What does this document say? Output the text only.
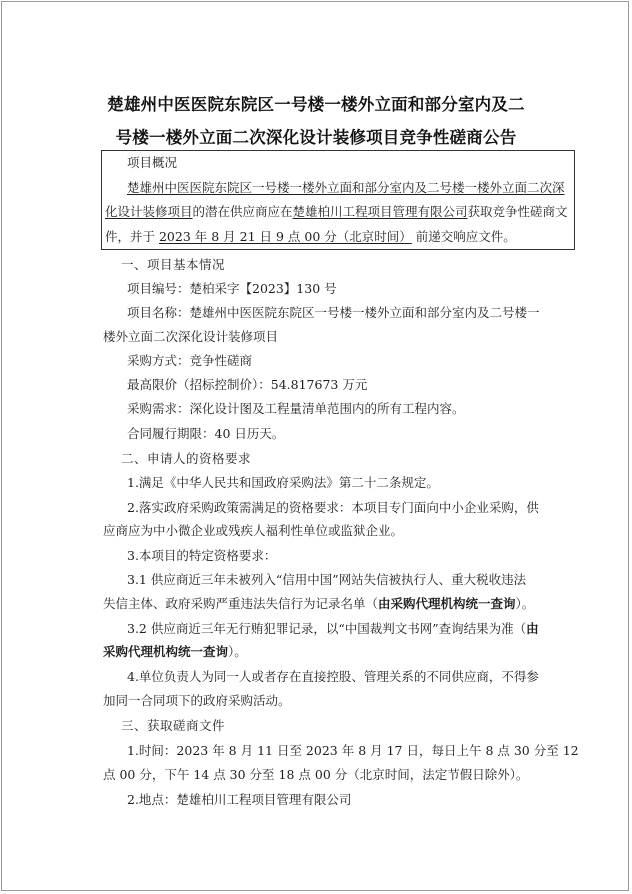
楚雄州中医医院东院区一号楼一楼外立面和部分室内及二
号楼一楼外立面二次深化设计装修项目竞争性磋商公告
项目概况
楚雄州中医医院东院区一号楼一楼外立面和部分室内及二号楼一楼外立面二次深
化设计装修项目的潜在供应商应在楚雄柏川工程项目管理有限公司获取竞争性磋商文
件，并于 2023 年 8 月 21 日 9 点 00 分（北京时间） 前递交响应文件。
一、项目基本情况
项目编号：楚柏采字【2023】130 号
项目名称：楚雄州中医医院东院区一号楼一楼外立面和部分室内及二号楼一
楼外立面二次深化设计装修项目
采购方式：竞争性磋商
最高限价（招标控制价）：54.817673 万元
采购需求：深化设计图及工程量清单范围内的所有工程内容。
合同履行期限：40 日历天。
二、申请人的资格要求
1.满足《中华人民共和国政府采购法》第二十二条规定。
2.落实政府采购政策需满足的资格要求：本项目专门面向中小企业采购，供
应商应为中小微企业或残疾人福利性单位或监狱企业。
3.本项目的特定资格要求：
3.1 供应商近三年未被列入“信用中国”网站失信被执行人、重大税收违法
失信主体、政府采购严重违法失信行为记录名单（由采购代理机构统一查询）。
3.2 供应商近三年无行贿犯罪记录，以“中国裁判文书网”查询结果为准（由
采购代理机构统一查询）。
4.单位负责人为同一人或者存在直接控股、管理关系的不同供应商，不得参
加同一合同项下的政府采购活动。
三、获取磋商文件
1.时间：2023 年 8 月 11 日至 2023 年 8 月 17 日，每日上午 8 点 30 分至 12
点 00 分，下午 14 点 30 分至 18 点 00 分（北京时间，法定节假日除外）。
2.地点：楚雄柏川工程项目管理有限公司
